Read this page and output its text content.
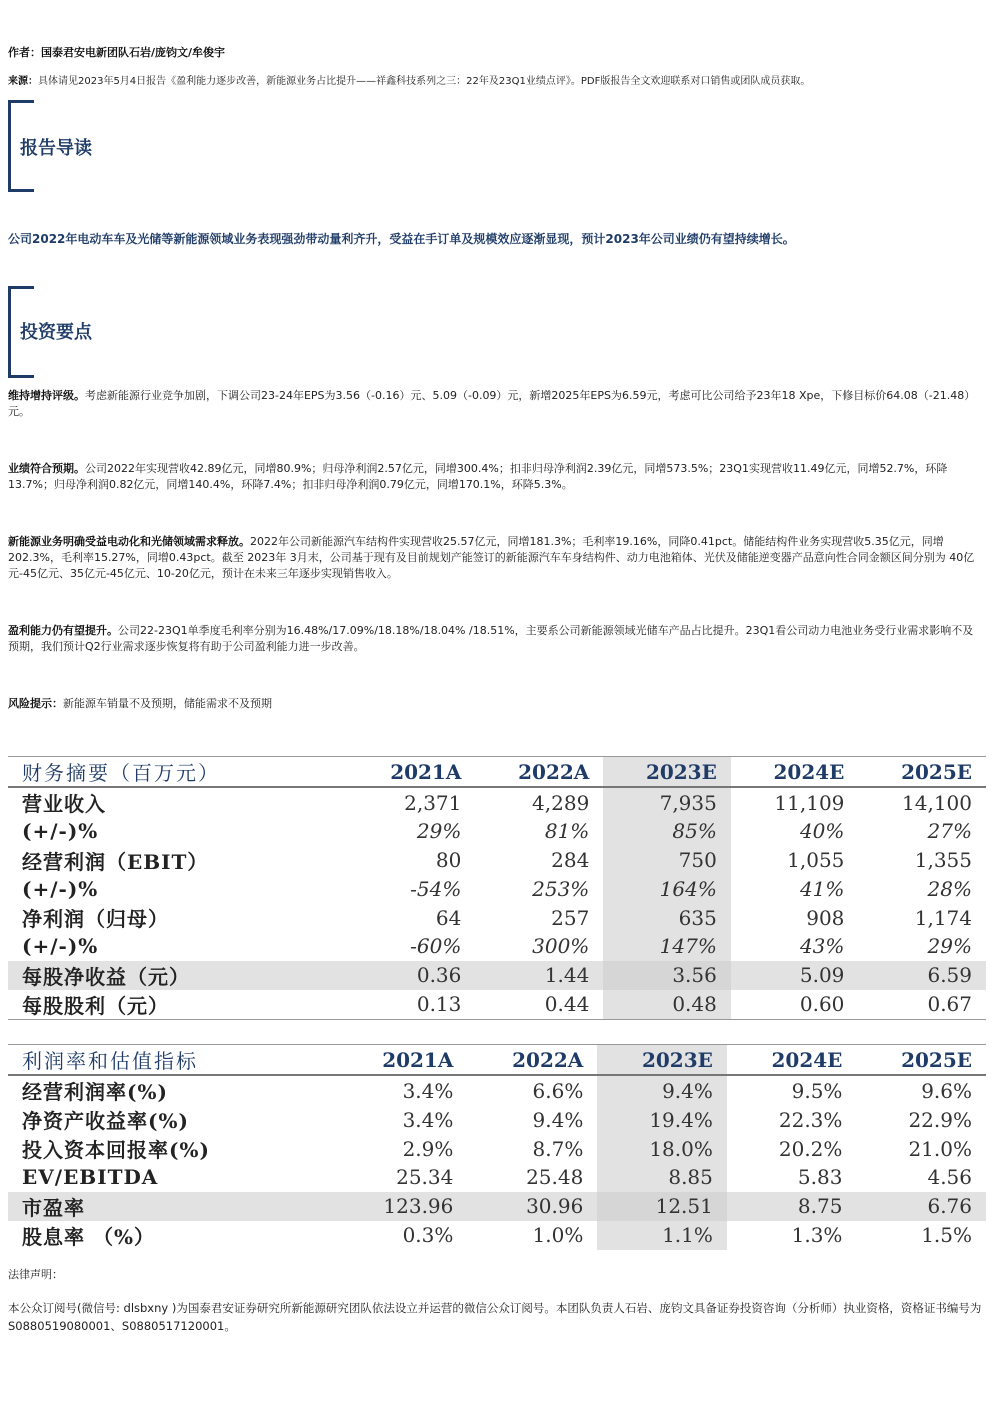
作者：国泰君安电新团队石岩/庞钧文/牟俊宇
来源：具体请见2023年5月4日报告《盈利能力逐步改善，新能源业务占比提升——祥鑫科技系列之三：22年及23Q1业绩点评》。PDF版报告全文欢迎联系对口销售或团队成员获取。
报告导读
公司2022年电动车车及光储等新能源领域业务表现强劲带动量利齐升，受益在手订单及规模效应逐渐显现，预计2023年公司业绩仍有望持续增长。
投资要点
维持增持评级。考虑新能源行业竞争加剧，下调公司23-24年EPS为3.56（-0.16）元、5.09（-0.09）元，新增2025年EPS为6.59元，考虑可比公司给予23年18 Xpe，下修目标价64.08（-21.48）元。
业绩符合预期。公司2022年实现营收42.89亿元，同增80.9%；归母净利润2.57亿元，同增300.4%；扣非归母净利润2.39亿元，同增573.5%；23Q1实现营收11.49亿元，同增52.7%，环降13.7%；归母净利润0.82亿元，同增140.4%，环降7.4%；扣非归母净利润0.79亿元，同增170.1%，环降5.3%。
新能源业务明确受益电动化和光储领域需求释放。2022年公司新能源汽车结构件实现营收25.57亿元，同增181.3%；毛利率19.16%，同降0.41pct。储能结构件业务实现营收5.35亿元，同增202.3%，毛利率15.27%，同增0.43pct。截至 2023年 3月末，公司基于现有及目前规划产能签订的新能源汽车车身结构件、动力电池箱体、光伏及储能逆变器产品意向性合同金额区间分别为 40亿元-45亿元、35亿元-45亿元、10-20亿元，预计在未来三年逐步实现销售收入。
盈利能力仍有望提升。公司22-23Q1单季度毛利率分别为16.48%/17.09%/18.18%/18.04% /18.51%，主要系公司新能源领域光储车产品占比提升。23Q1看公司动力电池业务受行业需求影响不及预期，我们预计Q2行业需求逐步恢复将有助于公司盈利能力进一步改善。
风险提示：新能源车销量不及预期，储能需求不及预期
财务摘要（百万元）	2021A	2022A	2023E	2024E	2025E
营业收入	2,371	4,289	7,935	11,109	14,100
(+/-)%	29%	81%	85%	40%	27%
经营利润（EBIT）	80	284	750	1,055	1,355
(+/-)%	-54%	253%	164%	41%	28%
净利润（归母）	64	257	635	908	1,174
(+/-)%	-60%	300%	147%	43%	29%
每股净收益（元）	0.36	1.44	3.56	5.09	6.59
每股股利（元）	0.13	0.44	0.48	0.60	0.67
利润率和估值指标	2021A	2022A	2023E	2024E	2025E
经营利润率(%)	3.4%	6.6%	9.4%	9.5%	9.6%
净资产收益率(%)	3.4%	9.4%	19.4%	22.3%	22.9%
投入资本回报率(%)	2.9%	8.7%	18.0%	20.2%	21.0%
EV/EBITDA	25.34	25.48	8.85	5.83	4.56
市盈率	123.96	30.96	12.51	8.75	6.76
股息率 （%）	0.3%	1.0%	1.1%	1.3%	1.5%
法律声明：
本公众订阅号(微信号: dlsbxny )为国泰君安证券研究所新能源研究团队依法设立并运营的微信公众订阅号。本团队负责人石岩、庞钧文具备证券投资咨询（分析师）执业资格，资格证书编号为S0880519080001、S0880517120001。
